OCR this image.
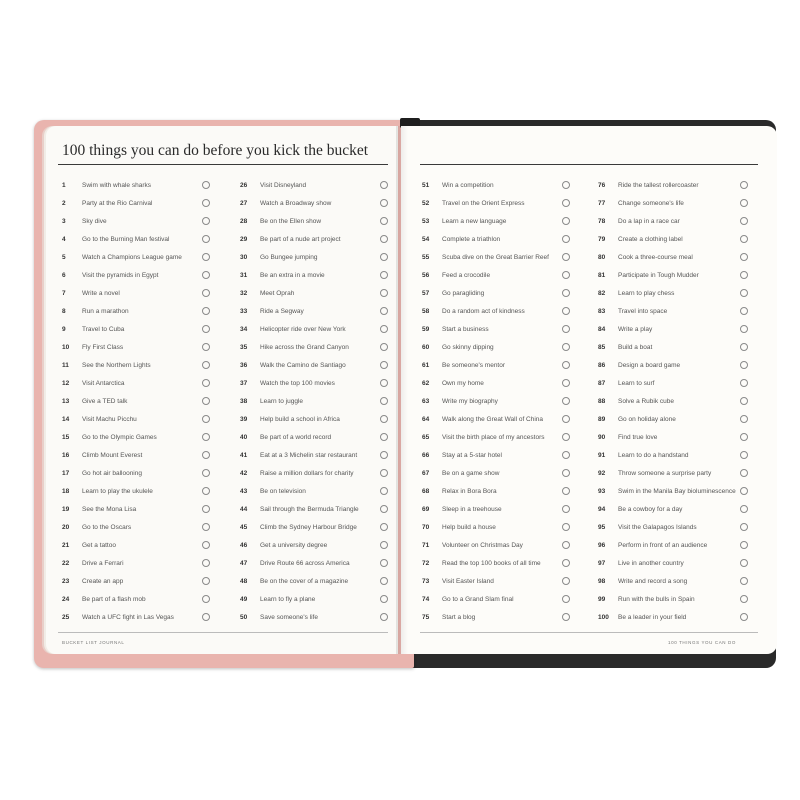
100 things you can do before you kick the bucket
1	Swim with whale sharks
2	Party at the Rio Carnival
3	Sky dive
4	Go to the Burning Man festival
5	Watch a Champions League game
6	Visit the pyramids in Egypt
7	Write a novel
8	Run a marathon
9	Travel to Cuba
10	Fly First Class
11	See the Northern Lights
12	Visit Antarctica
13	Give a TED talk
14	Visit Machu Picchu
15	Go to the Olympic Games
16	Climb Mount Everest
17	Go hot air ballooning
18	Learn to play the ukulele
19	See the Mona Lisa
20	Go to the Oscars
21	Get a tattoo
22	Drive a Ferrari
23	Create an app
24	Be part of a flash mob
25	Watch a UFC fight in Las Vegas
26	Visit Disneyland
27	Watch a Broadway show
28	Be on the Ellen show
29	Be part of a nude art project
30	Go Bungee jumping
31	Be an extra in a movie
32	Meet Oprah
33	Ride a Segway
34	Helicopter ride over New York
35	Hike across the Grand Canyon
36	Walk the Camino de Santiago
37	Watch the top 100 movies
38	Learn to juggle
39	Help build a school in Africa
40	Be part of a world record
41	Eat at a 3 Michelin star restaurant
42	Raise a million dollars for charity
43	Be on television
44	Sail through the Bermuda Triangle
45	Climb the Sydney Harbour Bridge
46	Get a university degree
47	Drive Route 66 across America
48	Be on the cover of a magazine
49	Learn to fly a plane
50	Save someone's life
51	Win a competition
52	Travel on the Orient Express
53	Learn a new language
54	Complete a triathlon
55	Scuba dive on the Great Barrier Reef
56	Feed a crocodile
57	Go paragliding
58	Do a random act of kindness
59	Start a business
60	Go skinny dipping
61	Be someone's mentor
62	Own my home
63	Write my biography
64	Walk along the Great Wall of China
65	Visit the birth place of my ancestors
66	Stay at a 5-star hotel
67	Be on a game show
68	Relax in Bora Bora
69	Sleep in a treehouse
70	Help build a house
71	Volunteer on Christmas Day
72	Read the top 100 books of all time
73	Visit Easter Island
74	Go to a Grand Slam final
75	Start a blog
76	Ride the tallest rollercoaster
77	Change someone's life
78	Do a lap in a race car
79	Create a clothing label
80	Cook a three-course meal
81	Participate in Tough Mudder
82	Learn to play chess
83	Travel into space
84	Write a play
85	Build a boat
86	Design a board game
87	Learn to surf
88	Solve a Rubik cube
89	Go on holiday alone
90	Find true love
91	Learn to do a handstand
92	Throw someone a surprise party
93	Swim in the Manila Bay bioluminescence
94	Be a cowboy for a day
95	Visit the Galapagos Islands
96	Perform in front of an audience
97	Live in another country
98	Write and record a song
99	Run with the bulls in Spain
100	Be a leader in your field
BUCKET LIST JOURNAL	100 THINGS YOU CAN DO
